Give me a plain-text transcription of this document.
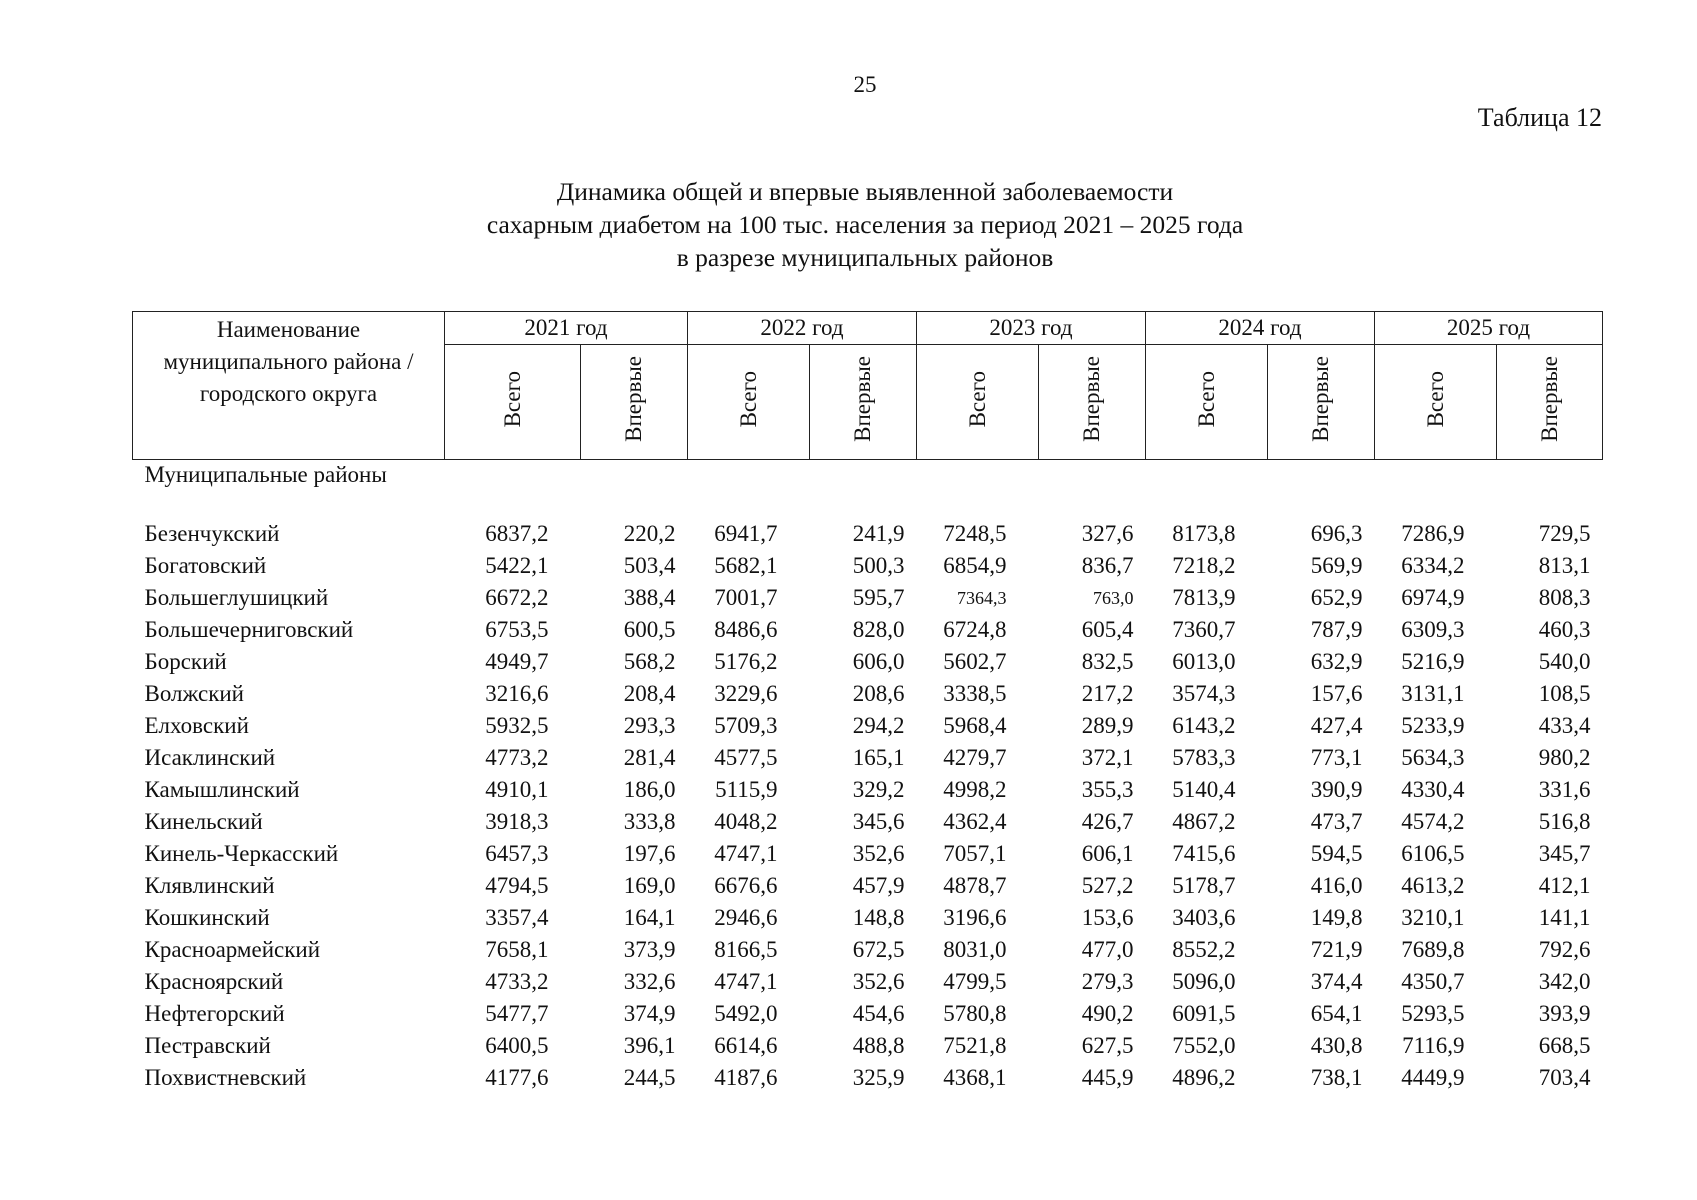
25
Таблица 12
Динамика общей и впервые выявленной заболеваемости
сахарным диабетом на 100 тыс. населения за период 2021 – 2025 года
в разрезе муниципальных районов
Наименование муниципального района / городского округа	2021 год		2022 год		2023 год		2024 год		2025 год	
	Всего	Впервые	Всего	Впервые	Всего	Впервые	Всего	Впервые	Всего	Впервые
Муниципальные районы										

Безенчукский	6837,2	220,2	6941,7	241,9	7248,5	327,6	8173,8	696,3	7286,9	729,5
Богатовский	5422,1	503,4	5682,1	500,3	6854,9	836,7	7218,2	569,9	6334,2	813,1
Большеглушицкий	6672,2	388,4	7001,7	595,7	7364,3	763,0	7813,9	652,9	6974,9	808,3
Большечерниговский	6753,5	600,5	8486,6	828,0	6724,8	605,4	7360,7	787,9	6309,3	460,3
Борский	4949,7	568,2	5176,2	606,0	5602,7	832,5	6013,0	632,9	5216,9	540,0
Волжский	3216,6	208,4	3229,6	208,6	3338,5	217,2	3574,3	157,6	3131,1	108,5
Елховский	5932,5	293,3	5709,3	294,2	5968,4	289,9	6143,2	427,4	5233,9	433,4
Исаклинский	4773,2	281,4	4577,5	165,1	4279,7	372,1	5783,3	773,1	5634,3	980,2
Камышлинский	4910,1	186,0	5115,9	329,2	4998,2	355,3	5140,4	390,9	4330,4	331,6
Кинельский	3918,3	333,8	4048,2	345,6	4362,4	426,7	4867,2	473,7	4574,2	516,8
Кинель-Черкасский	6457,3	197,6	4747,1	352,6	7057,1	606,1	7415,6	594,5	6106,5	345,7
Клявлинский	4794,5	169,0	6676,6	457,9	4878,7	527,2	5178,7	416,0	4613,2	412,1
Кошкинский	3357,4	164,1	2946,6	148,8	3196,6	153,6	3403,6	149,8	3210,1	141,1
Красноармейский	7658,1	373,9	8166,5	672,5	8031,0	477,0	8552,2	721,9	7689,8	792,6
Красноярский	4733,2	332,6	4747,1	352,6	4799,5	279,3	5096,0	374,4	4350,7	342,0
Нефтегорский	5477,7	374,9	5492,0	454,6	5780,8	490,2	6091,5	654,1	5293,5	393,9
Пестравский	6400,5	396,1	6614,6	488,8	7521,8	627,5	7552,0	430,8	7116,9	668,5
Похвистневский	4177,6	244,5	4187,6	325,9	4368,1	445,9	4896,2	738,1	4449,9	703,4
